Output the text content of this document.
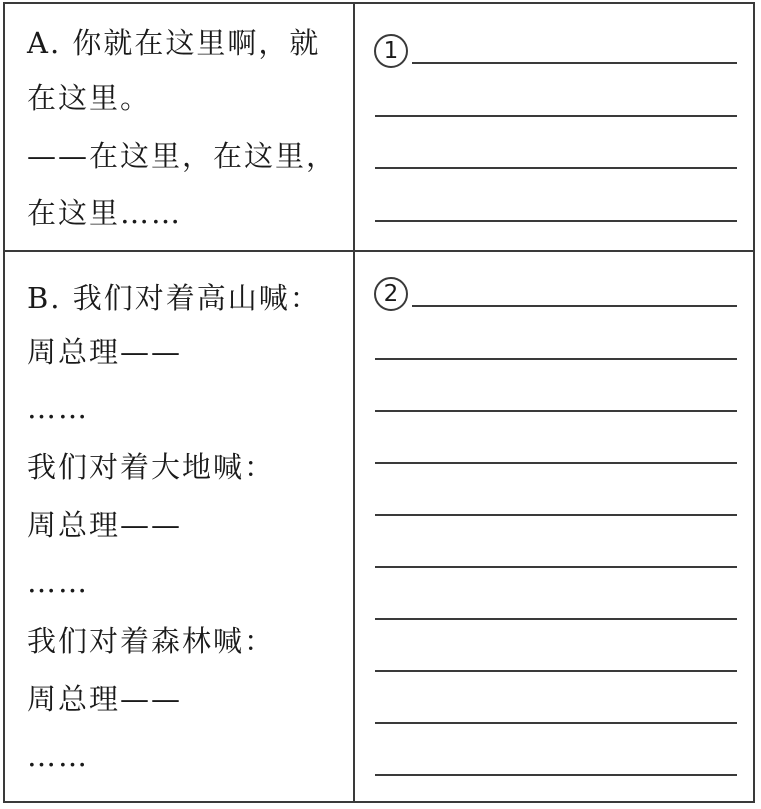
A. 你就在这里啊，就
在这里。
——在这里，在这里，
在这里……
B. 我们对着高山喊：
周总理——
……
我们对着大地喊：
周总理——
……
我们对着森林喊：
周总理——
……
1
2
